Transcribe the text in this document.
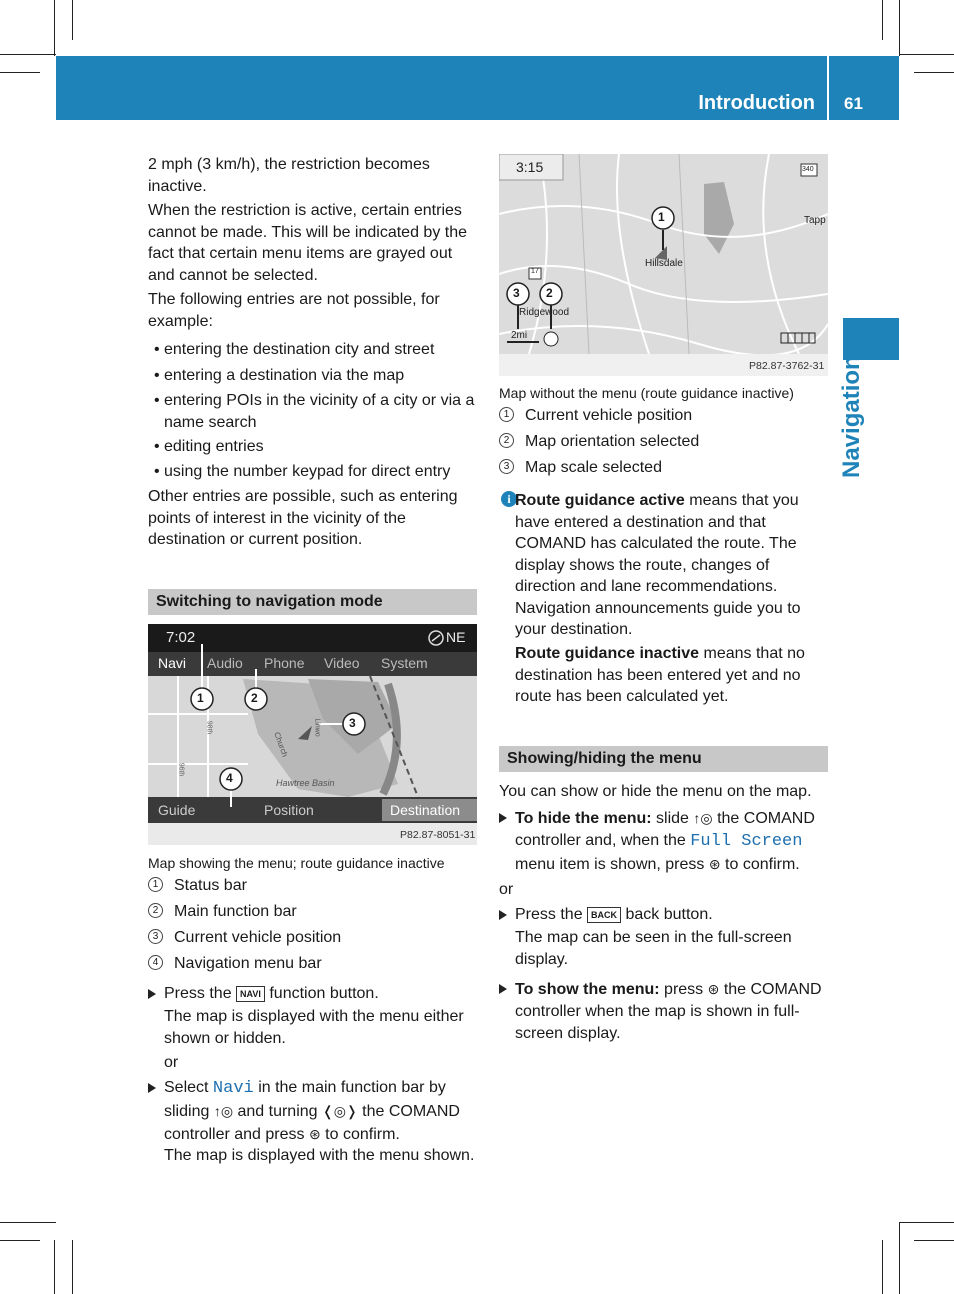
Introduction 61
Navigation

2 mph (3 km/h), the restriction becomes inactive.

When the restriction is active, certain entries cannot be made. This will be indicated by the fact that certain menu items are grayed out and cannot be selected.

The following entries are not possible, for example:

• entering the destination city and street
• entering a destination via the map
• entering POIs in the vicinity of a city or via a name search
• editing entries
• using the number keypad for direct entry

Other entries are possible, such as entering points of interest in the vicinity of the destination or current position.

Switching to navigation mode
7:02	NE
Navi Audio Phone Video System
Hawtree Basin
Church
98th
96th
Linwo
1	2
3
4
Guide	Position	Destination
P82.87-8051-31
Map showing the menu; route guidance inactive
1 Status bar
2 Main function bar
3 Current vehicle position
4 Navigation menu bar
Press the NAVI function button.

The map is displayed with the menu either shown or hidden.

or

Select Navi in the main function bar by sliding ↑◎ and turning ❬◎❭ the COMAND controller and press ⊛ to confirm.

The map is displayed with the menu shown.

3:15
Hillsdale
Ridgewood
Tapp
2mi
17
340
1
2
3
P82.87-3762-31
Map without the menu (route guidance inactive)
1 Current vehicle position
2 Map orientation selected
3 Map scale selected
i Route guidance active means that you have entered a destination and that COMAND has calculated the route. The display shows the route, changes of direction and lane recommendations. Navigation announcements guide you to your destination.

Route guidance inactive means that no destination has been entered yet and no route has been calculated yet.

Showing/hiding the menu

You can show or hide the menu on the map.

To hide the menu: slide ↑◎ the COMAND controller and, when the Full Screen menu item is shown, press ⊛ to confirm.

or

Press the BACK back button.

The map can be seen in the full-screen display.

To show the menu: press ⊛ the COMAND controller when the map is shown in full-screen display.
